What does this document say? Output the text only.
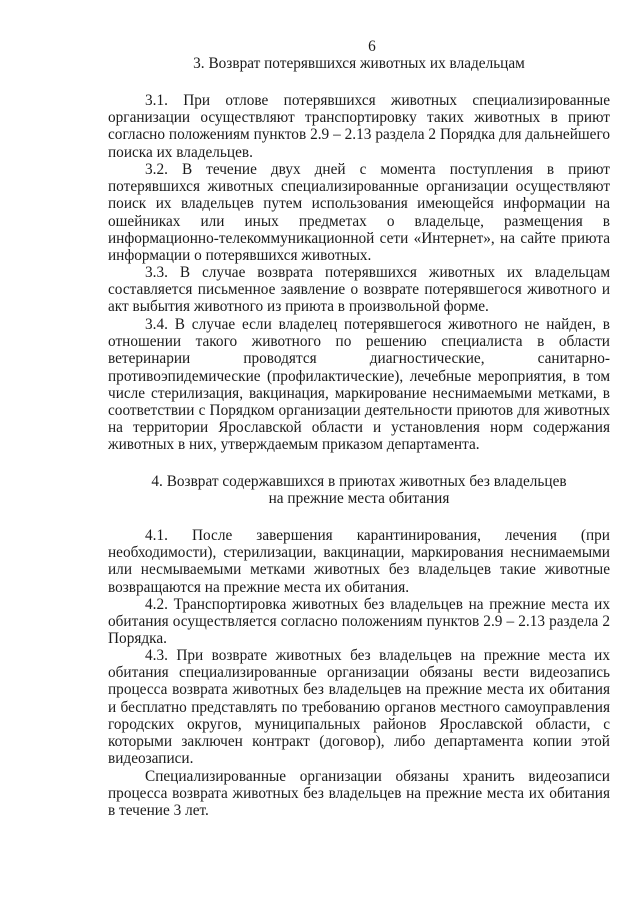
6
3. Возврат потерявшихся животных их владельцам

3.1. При отлове потерявшихся животных специализированные организации осуществляют транспортировку таких животных в приют согласно положениям пунктов 2.9 – 2.13 раздела 2 Порядка для дальнейшего поиска их владельцев.

3.2. В течение двух дней с момента поступления в приют потерявшихся животных специализированные организации осуществляют поиск их владельцев путем использования имеющейся информации на ошейниках или иных предметах о владельце, размещения в информационно-телекоммуникационной сети «Интернет», на сайте приюта информации о потерявшихся животных.

3.3. В случае возврата потерявшихся животных их владельцам составляется письменное заявление о возврате потерявшегося животного и акт выбытия животного из приюта в произвольной форме.

3.4. В случае если владелец потерявшегося животного не найден, в отношении такого животного по решению специалиста в области ветеринарии проводятся диагностические, санитарно-противоэпидемические (профилактические), лечебные мероприятия, в том числе стерилизация, вакцинация, маркирование неснимаемыми метками, в соответствии с Порядком организации деятельности приютов для животных на территории Ярославской области и установления норм содержания животных в них, утверждаемым приказом департамента.

4. Возврат содержавшихся в приютах животных без владельцев
на прежние места обитания

4.1. После завершения карантинирования, лечения (при необходимости), стерилизации, вакцинации, маркирования неснимаемыми или несмываемыми метками животных без владельцев такие животные возвращаются на прежние места их обитания.

4.2. Транспортировка животных без владельцев на прежние места их обитания осуществляется согласно положениям пунктов 2.9 – 2.13 раздела 2 Порядка.

4.3. При возврате животных без владельцев на прежние места их обитания специализированные организации обязаны вести видеозапись процесса возврата животных без владельцев на прежние места их обитания и бесплатно представлять по требованию органов местного самоуправления городских округов, муниципальных районов Ярославской области, с которыми заключен контракт (договор), либо департамента копии этой видеозаписи.

Специализированные организации обязаны хранить видеозаписи процесса возврата животных без владельцев на прежние места их обитания в течение 3 лет.
